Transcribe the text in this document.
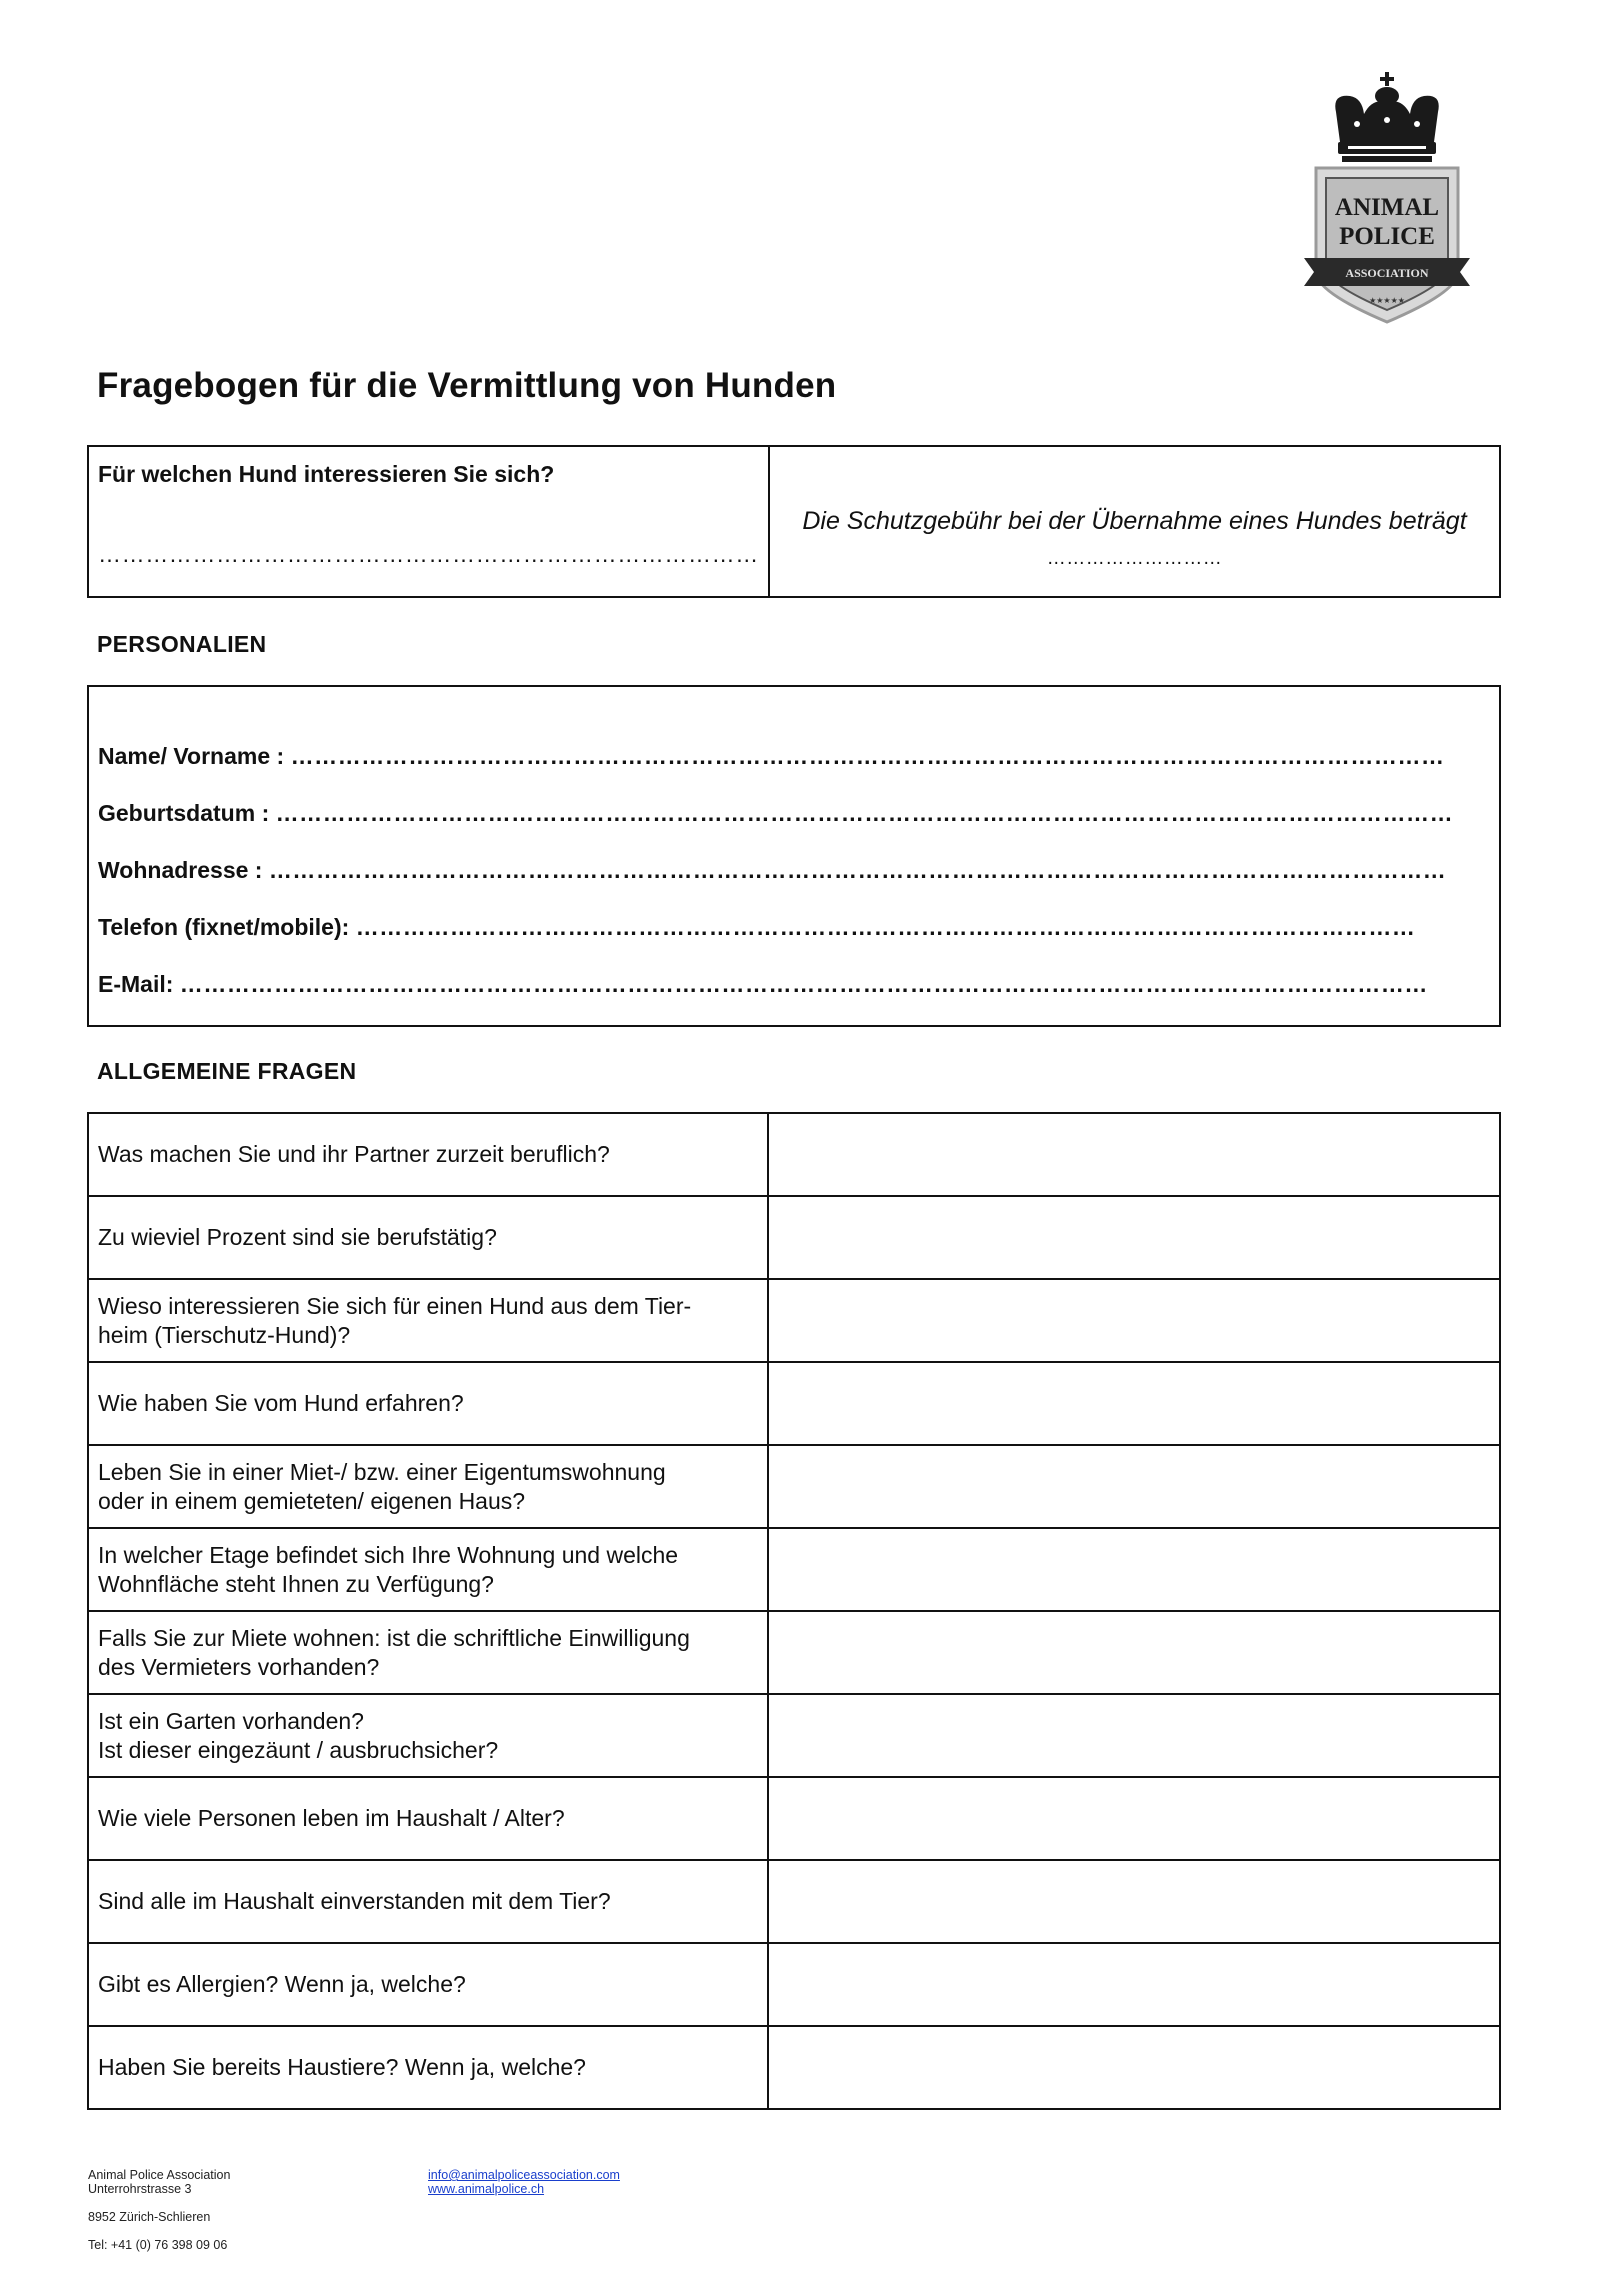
ANIMAL
POLICE
ASSOCIATION
★★★★★
Fragebogen für die Vermittlung von Hunden
Für welchen Hund interessieren Sie sich?
…………………………………………………………………………
Die Schutzgebühr bei der Übernahme eines Hundes beträgt ………………………
PERSONALIEN
Name/ Vorname : …………………………………………………………………………………………………………………………………
Geburtsdatum : ……………………………………………………………………………………………………………………………………
Wohnadresse : ……………………………………………………………………………………………………………………………………
Telefon (fixnet/mobile): ………………………………………………………………………………………………………………………
E-Mail: ……………………………………………………………………………………………………………………………………………
ALLGEMEINE FRAGEN
Was machen Sie und ihr Partner zurzeit beruflich?	

Zu wieviel Prozent sind sie berufstätig?	

Wieso interessieren Sie sich für einen Hund aus dem Tier-
heim (Tierschutz-Hund)?	

Wie haben Sie vom Hund erfahren?	

Leben Sie in einer Miet-/ bzw. einer Eigentumswohnung
oder in einem gemieteten/ eigenen Haus?	

In welcher Etage befindet sich Ihre Wohnung und welche
Wohnfläche steht Ihnen zu Verfügung?	

Falls Sie zur Miete wohnen: ist die schriftliche Einwilligung
des Vermieters vorhanden?	

Ist ein Garten vorhanden?
Ist dieser eingezäunt / ausbruchsicher?	

Wie viele Personen leben im Haushalt / Alter?	

Sind alle im Haushalt einverstanden mit dem Tier?	

Gibt es Allergien? Wenn ja, welche?	

Haben Sie bereits Haustiere? Wenn ja, welche?	

Animal Police Association
Unterrohrstrasse 3
8952 Zürich-Schlieren
Tel: +41 (0) 76 398 09 06
info@animalpoliceassociation.com
www.animalpolice.ch
